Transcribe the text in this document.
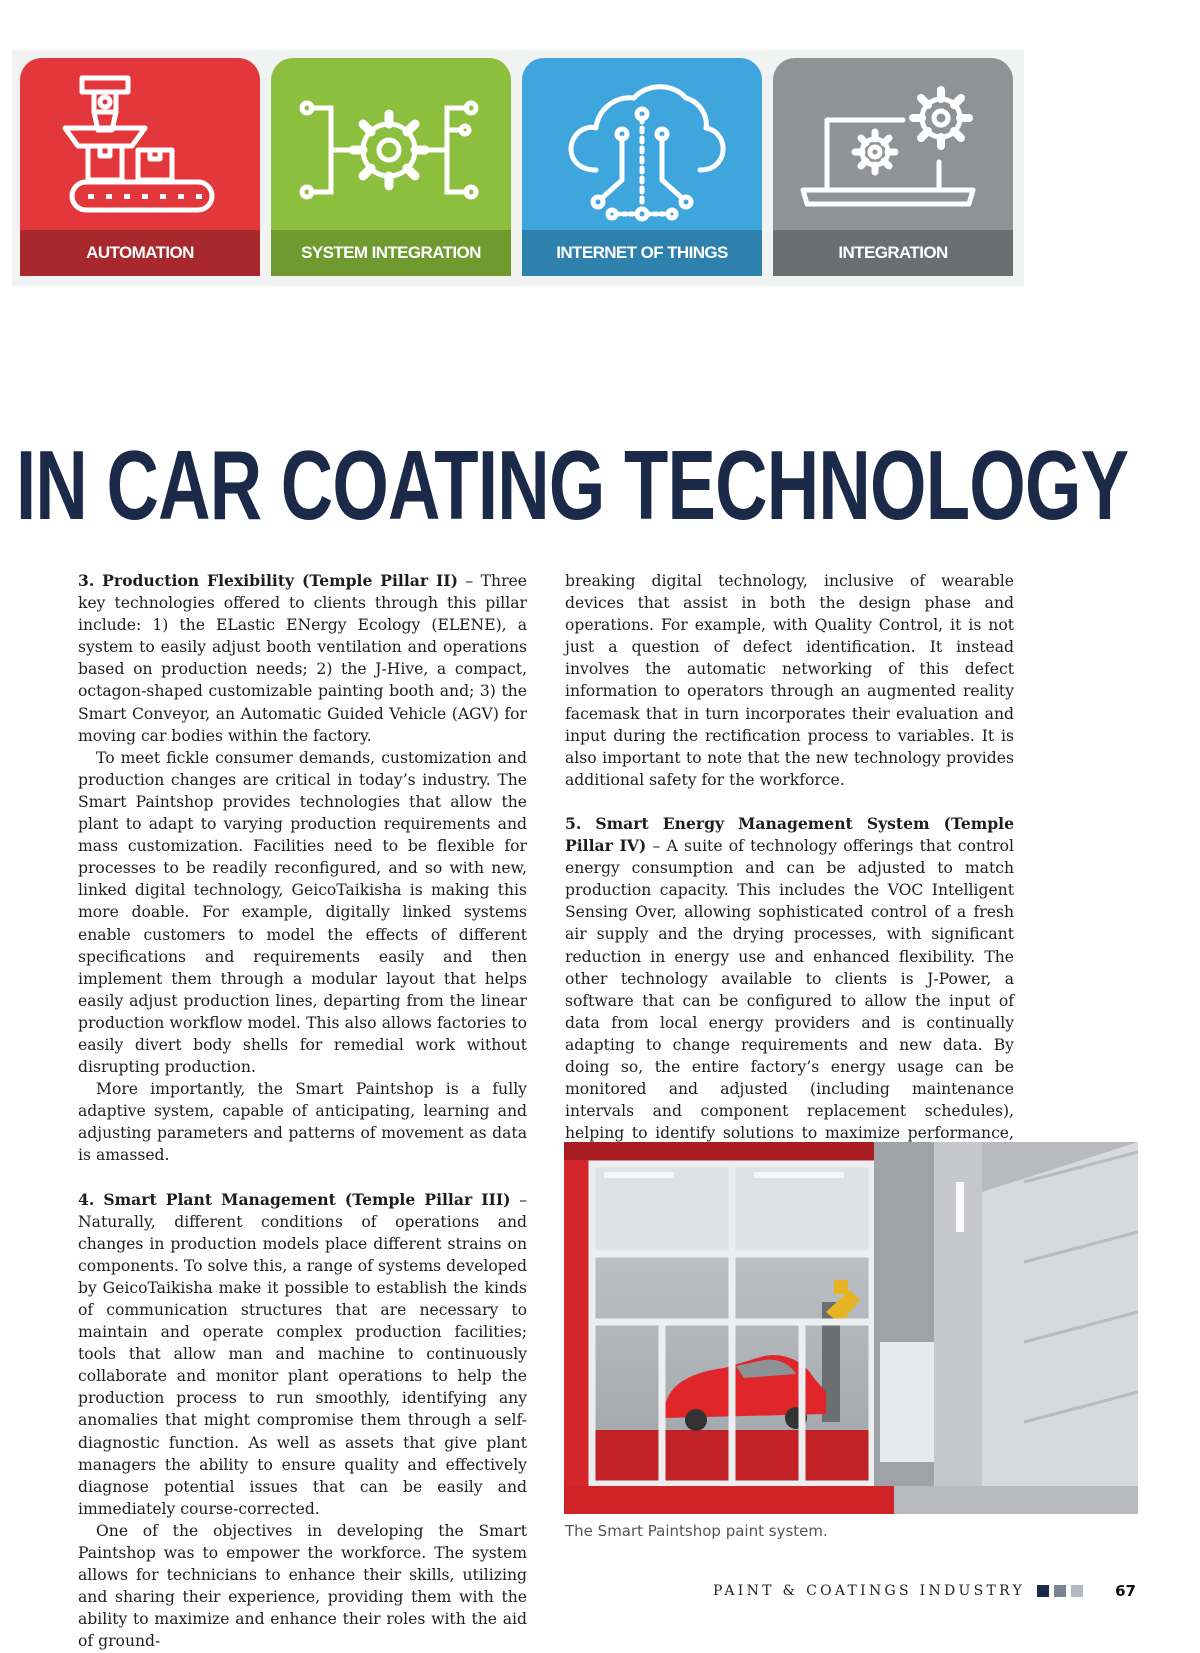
AUTOMATION	SYSTEM INTEGRATION	INTERNET OF THINGS	INTEGRATION
IN CAR COATING TECHNOLOGY

3. Production Flexibility (Temple Pillar II) – Three key technologies offered to clients through this pillar include: 1) the ELastic ENergy Ecology (ELENE), a system to easily adjust booth ventilation and operations based on production needs; 2) the J-Hive, a compact, octagon-shaped customizable painting booth and; 3) the Smart Conveyor, an Automatic Guided Vehicle (AGV) for moving car bodies within the factory.

To meet fickle consumer demands, customization and production changes are critical in today’s industry. The Smart Paintshop provides technologies that allow the plant to adapt to varying production requirements and mass customization. Facilities need to be flexible for processes to be readily reconfigured, and so with new, linked digital technology, GeicoTaikisha is making this more doable. For example, digitally linked systems enable customers to model the effects of different specifications and requirements easily and then implement them through a modular layout that helps easily adjust production lines, departing from the linear production workflow model. This also allows factories to easily divert body shells for remedial work without disrupting production.

More importantly, the Smart Paintshop is a fully adaptive system, capable of anticipating, learning and adjusting parameters and patterns of movement as data is amassed.

4. Smart Plant Management (Temple Pillar III) – Naturally, different conditions of operations and changes in production models place different strains on components. To solve this, a range of systems developed by GeicoTaikisha make it possible to establish the kinds of communication structures that are necessary to maintain and operate complex production facilities; tools that allow man and machine to continuously collaborate and monitor plant operations to help the production process to run smoothly, identifying any anomalies that might compromise them through a self-diagnostic function. As well as assets that give plant managers the ability to ensure quality and effectively diagnose potential issues that can be easily and immediately course-corrected.

One of the objectives in developing the Smart Paintshop was to empower the workforce. The system allows for technicians to enhance their skills, utilizing and sharing their experience, providing them with the ability to maximize and enhance their roles with the aid of ground-

breaking digital technology, inclusive of wearable devices that assist in both the design phase and operations. For example, with Quality Control, it is not just a question of defect identification. It instead involves the automatic networking of this defect information to operators through an augmented reality facemask that in turn incorporates their evaluation and input during the rectification process to variables. It is also important to note that the new technology provides additional safety for the workforce.

5. Smart Energy Management System (Temple Pillar IV) – A suite of technology offerings that control energy consumption and can be adjusted to match production capacity. This includes the VOC Intelligent Sensing Over, allowing sophisticated control of a fresh air supply and the drying processes, with significant reduction in energy use and enhanced flexibility. The other technology available to clients is J-Power, a software that can be configured to allow the input of data from local energy providers and is continually adapting to change requirements and new data. By doing so, the entire factory’s energy usage can be monitored and adjusted (including maintenance intervals and component replacement schedules), helping to identify solutions to maximize performance,

The Smart Paintshop paint system.
PAINT & COATINGS INDUSTRY	67
